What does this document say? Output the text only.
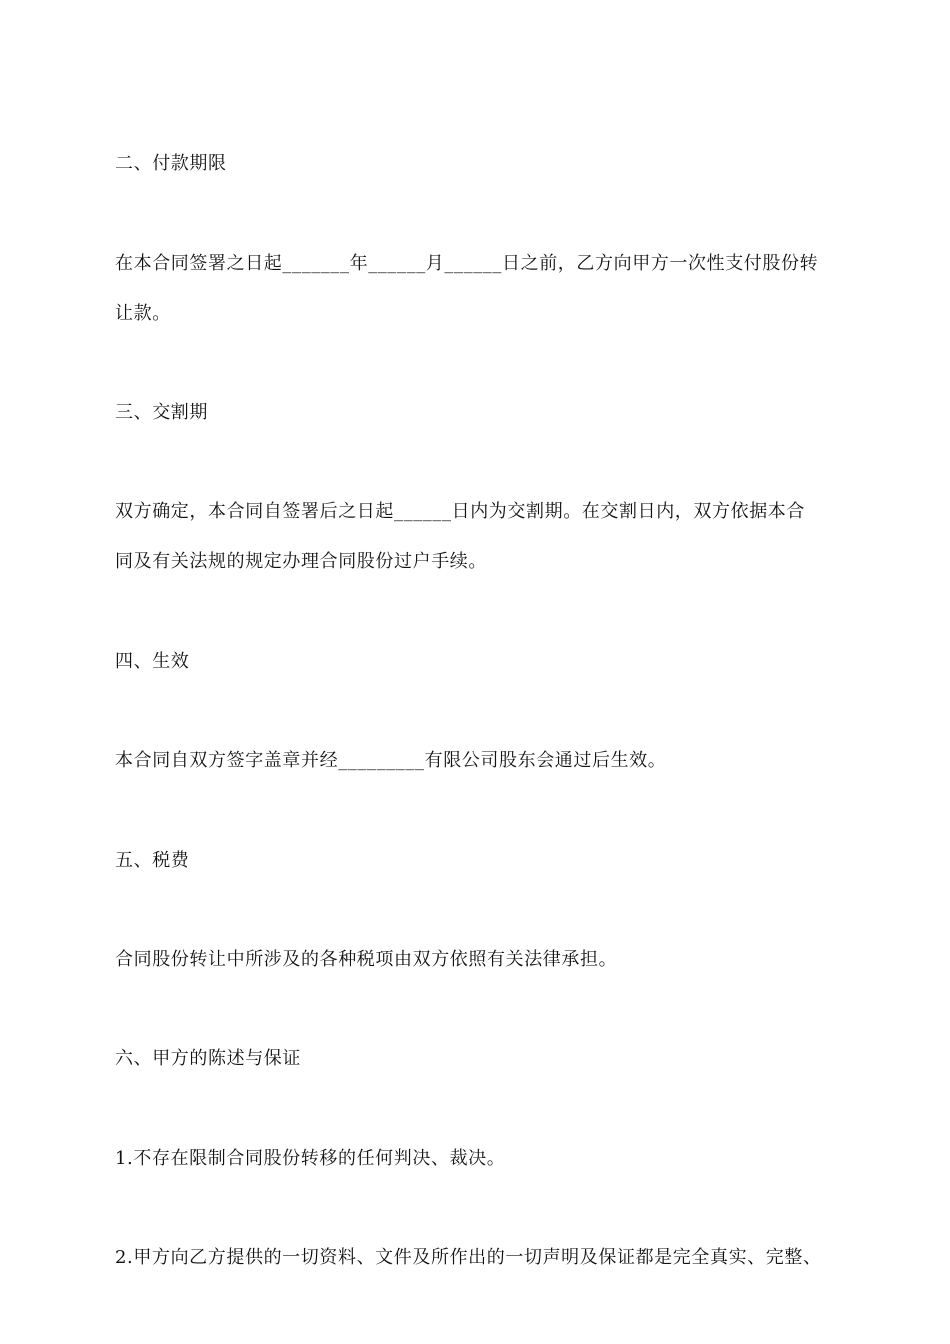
二、付款期限
在本合同签署之日起_______年______月______日之前，乙方向甲方一次性支付股份转
让款。
三、交割期
双方确定，本合同自签署后之日起______日内为交割期。在交割日内，双方依据本合
同及有关法规的规定办理合同股份过户手续。
四、生效
本合同自双方签字盖章并经_________有限公司股东会通过后生效。
五、税费
合同股份转让中所涉及的各种税项由双方依照有关法律承担。
六、甲方的陈述与保证
1.不存在限制合同股份转移的任何判决、裁决。
2.甲方向乙方提供的一切资料、文件及所作出的一切声明及保证都是完全真实、完整、
